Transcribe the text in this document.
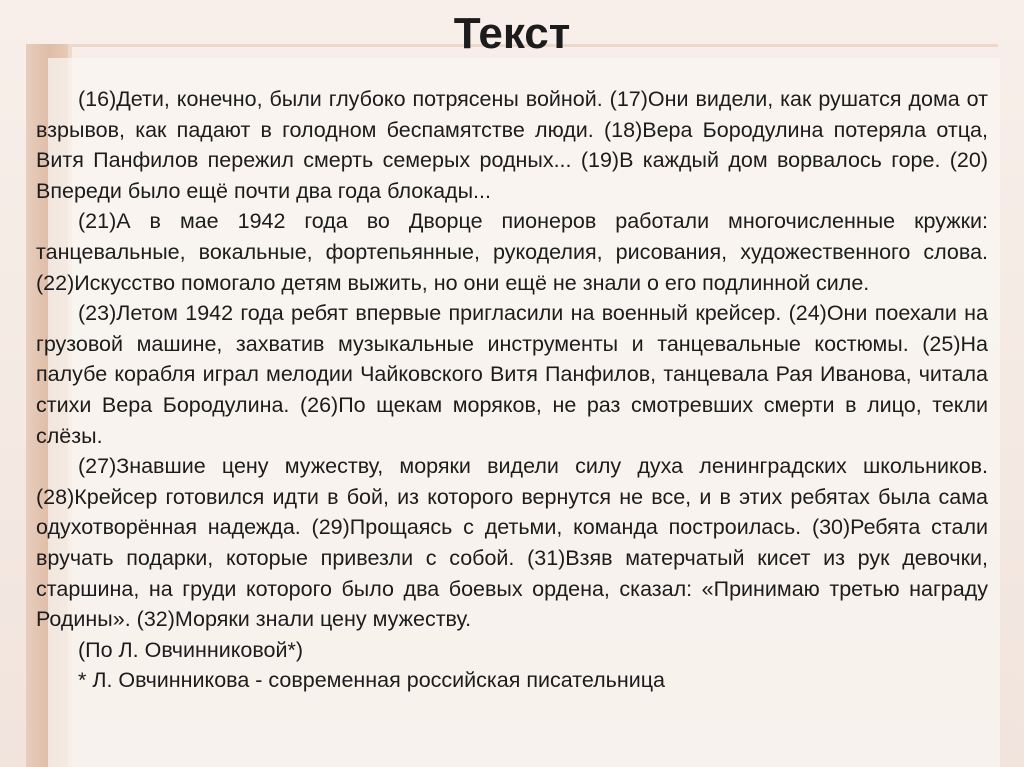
Текст

(16)Дети, конечно, были глубоко потрясены войной. (17)Они видели, как рушатся дома от взрывов, как падают в голодном беспамятстве люди. (18)Вера Бородулина потеряла отца, Витя Панфилов пережил смерть семерых родных... (19)В каждый дом ворвалось горе. (20) Впереди было ещё почти два года блокады...

(21)А в мае 1942 года во Дворце пионеров работали многочисленные кружки: танцевальные, вокальные, фортепьянные, рукоделия, рисования, художественного слова. (22)Искусство помогало детям выжить, но они ещё не знали о его подлинной силе.

(23)Летом 1942 года ребят впервые пригласили на военный крейсер. (24)Они поехали на грузовой машине, захватив музыкальные инструменты и танцевальные костюмы. (25)На палубе корабля играл мелодии Чайковского Витя Панфилов, танцевала Рая Иванова, читала стихи Вера Бородулина. (26)По щекам моряков, не раз смотревших смерти в лицо, текли слёзы.

(27)Знавшие цену мужеству, моряки видели силу духа ленинградских школьников. (28)Крейсер готовился идти в бой, из которого вернутся не все, и в этих ребятах была сама одухотворённая надежда. (29)Прощаясь с детьми, команда построилась. (30)Ребята стали вручать подарки, которые привезли с собой. (31)Взяв матерчатый кисет из рук девочки, старшина, на груди которого было два боевых ордена, сказал: «Принимаю третью награду Родины». (32)Моряки знали цену мужеству.

(По Л. Овчинниковой*)

* Л. Овчинникова - современная российская писательница
